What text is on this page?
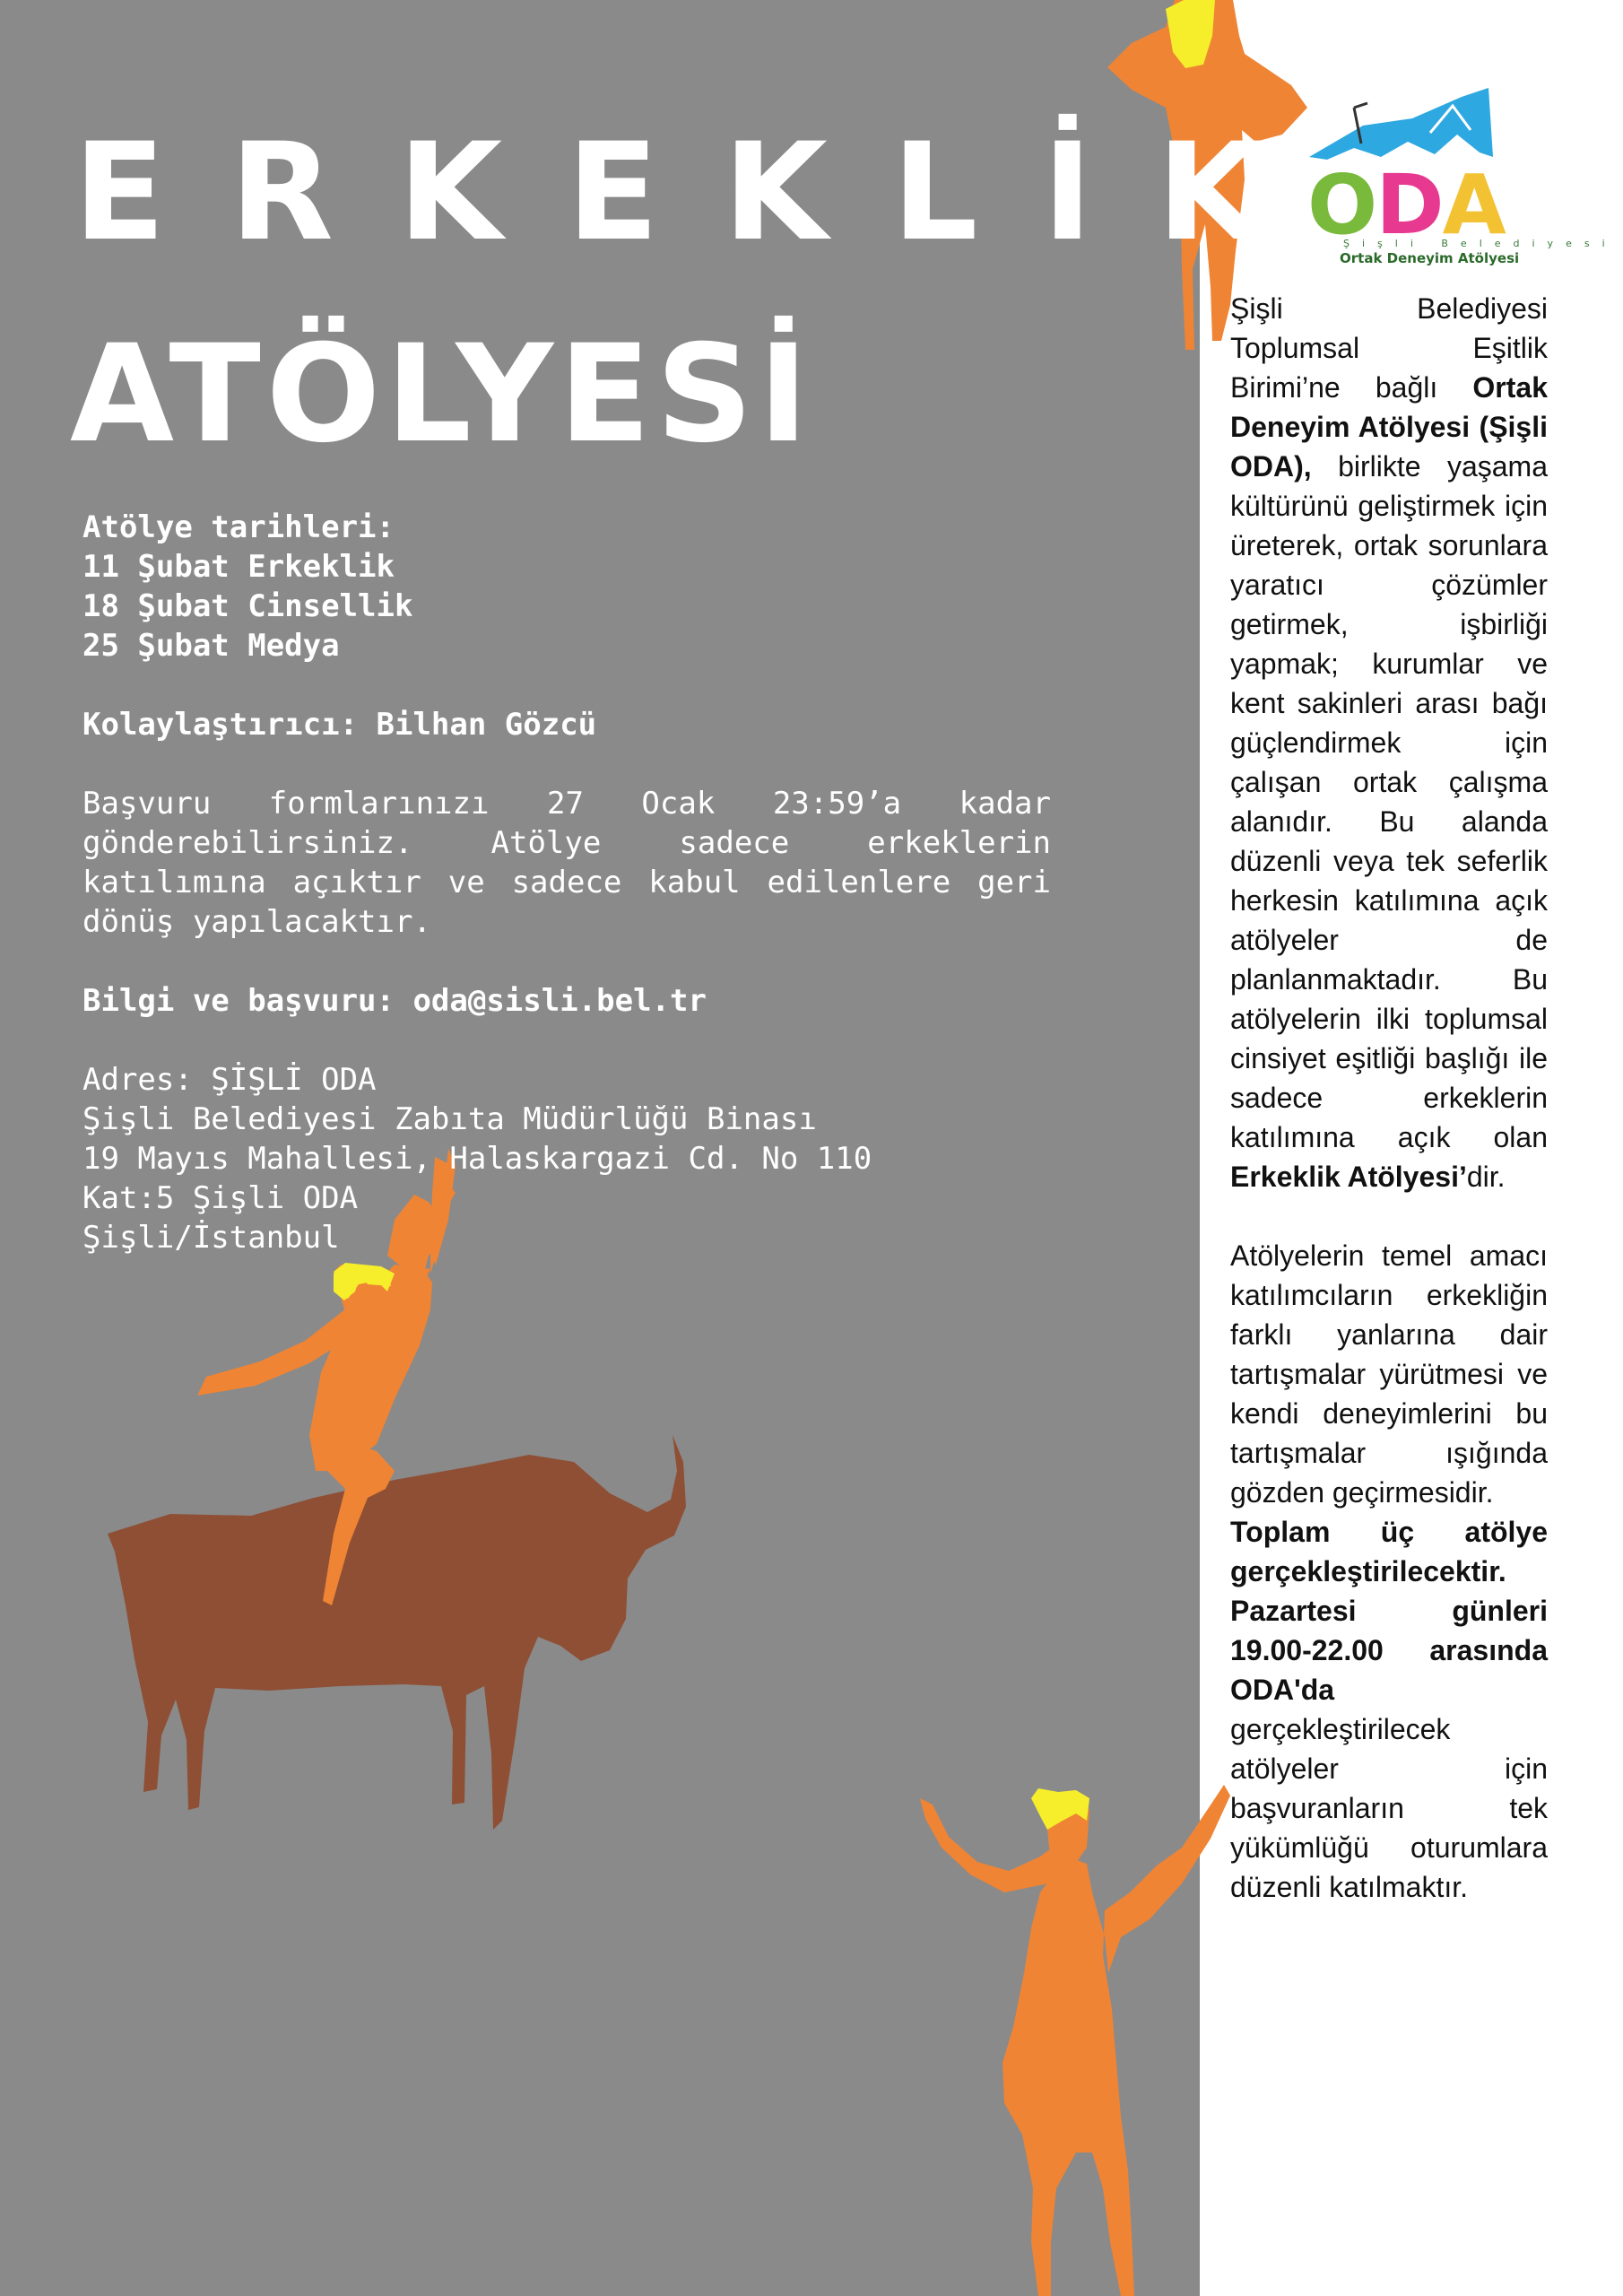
ERKEKLİK
ATÖLYESİ

Atölye tarihleri:

11 Şubat Erkeklik

18 Şubat Cinsellik

25 Şubat Medya

Kolaylaştırıcı: Bilhan Gözcü

Başvuru formlarınızı 27 Ocak 23:59’a kadar gönderebilirsiniz. Atölye sadece erkeklerin katılımına açıktır ve sadece kabul edilenlere geri dönüş yapılacaktır.

Bilgi ve başvuru: oda@sisli.bel.tr

Adres: ŞİŞLİ ODA

Şişli Belediyesi Zabıta Müdürlüğü Binası

19 Mayıs Mahallesi, Halaskargazi Cd. No 110

Kat:5 Şişli ODA

Şişli/İstanbul

ODA
Şişli Belediyesi
Ortak Deneyim Atölyesi

Şişli Belediyesi Toplumsal Eşitlik Birimi’ne bağlı Ortak Deneyim Atölyesi (Şişli ODA), birlikte yaşama kültürünü geliştirmek için üreterek, ortak sorunlara yaratıcı çözümler getirmek, işbirliği yapmak; kurumlar ve kent sakinleri arası bağı güçlendirmek için çalışan ortak çalışma alanıdır. Bu alanda düzenli veya tek seferlik herkesin katılımına açık atölyeler de planlanmaktadır. Bu atölyelerin ilki toplumsal cinsiyet eşitliği başlığı ile sadece erkeklerin katılımına açık olan Erkeklik Atölyesi’dir.

Atölyelerin temel amacı katılımcıların erkekliğin farklı yanlarına dair tartışmalar yürütmesi ve kendi deneyimlerini bu tartışmalar ışığında gözden geçirmesidir.

Toplam üç atölye gerçekleştirilecektir. Pazartesi günleri 19.00-22.00 arasında ODA'da gerçekleştirilecek atölyeler için başvuranların tek yükümlüğü oturumlara düzenli katılmaktır.
